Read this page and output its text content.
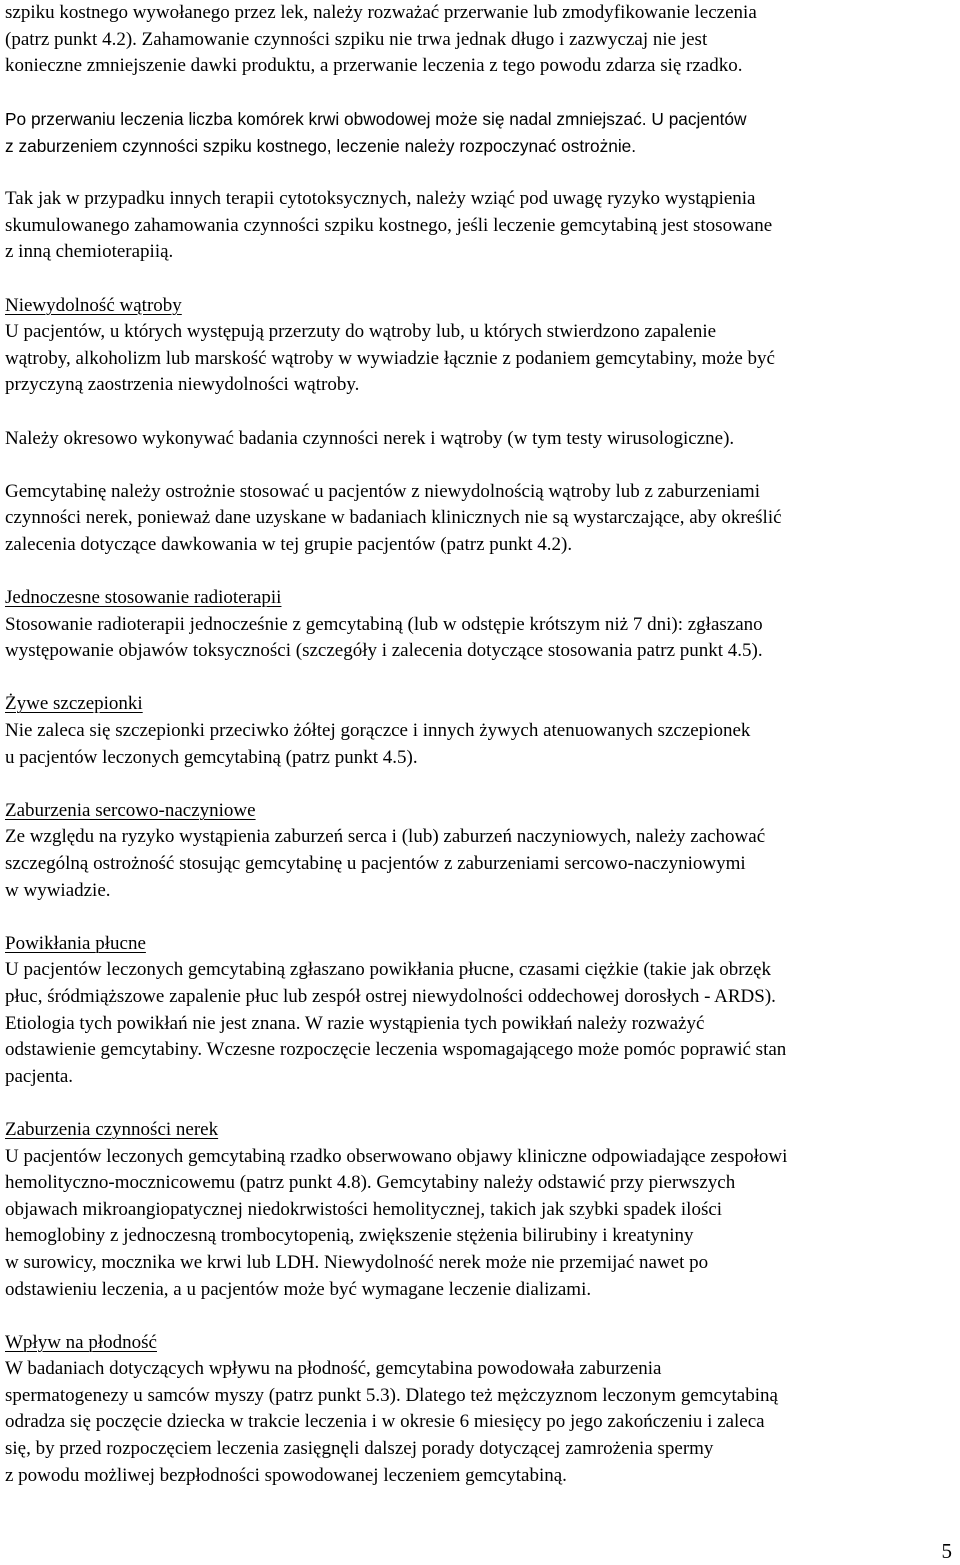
szpiku kostnego wywołanego przez lek, należy rozważać przerwanie lub zmodyfikowanie leczenia
(patrz punkt 4.2). Zahamowanie czynności szpiku nie trwa jednak długo i zazwyczaj nie jest
konieczne zmniejszenie dawki produktu, a przerwanie leczenia z tego powodu zdarza się rzadko.
Po przerwaniu leczenia liczba komórek krwi obwodowej może się nadal zmniejszać. U pacjentów
z zaburzeniem czynności szpiku kostnego, leczenie należy rozpoczynać ostrożnie.
Tak jak w przypadku innych terapii cytotoksycznych, należy wziąć pod uwagę ryzyko wystąpienia
skumulowanego zahamowania czynności szpiku kostnego, jeśli leczenie gemcytabiną jest stosowane
z inną chemioterapiią.
Niewydolność wątroby
U pacjentów, u których występują przerzuty do wątroby lub, u których stwierdzono zapalenie
wątroby, alkoholizm lub marskość wątroby w wywiadzie łącznie z podaniem gemcytabiny, może być
przyczyną zaostrzenia niewydolności wątroby.
Należy okresowo wykonywać badania czynności nerek i wątroby (w tym testy wirusologiczne).
Gemcytabinę należy ostrożnie stosować u pacjentów z niewydolnością wątroby lub z zaburzeniami
czynności nerek, ponieważ dane uzyskane w badaniach klinicznych nie są wystarczające, aby określić
zalecenia dotyczące dawkowania w tej grupie pacjentów (patrz punkt 4.2).
Jednoczesne stosowanie radioterapii
Stosowanie radioterapii jednocześnie z gemcytabiną (lub w odstępie krótszym niż 7 dni): zgłaszano
występowanie objawów toksyczności (szczegóły i zalecenia dotyczące stosowania patrz punkt 4.5).
Żywe szczepionki
Nie zaleca się szczepionki przeciwko żółtej gorączce i innych żywych atenuowanych szczepionek
u pacjentów leczonych gemcytabiną (patrz punkt 4.5).
Zaburzenia sercowo-naczyniowe
Ze względu na ryzyko wystąpienia zaburzeń serca i (lub) zaburzeń naczyniowych, należy zachować
szczególną ostrożność stosując gemcytabinę u pacjentów z zaburzeniami sercowo-naczyniowymi
w wywiadzie.
Powikłania płucne
U pacjentów leczonych gemcytabiną zgłaszano powikłania płucne, czasami ciężkie (takie jak obrzęk
płuc, śródmiąższowe zapalenie płuc lub zespół ostrej niewydolności oddechowej dorosłych - ARDS).
Etiologia tych powikłań nie jest znana. W razie wystąpienia tych powikłań należy rozważyć
odstawienie gemcytabiny. Wczesne rozpoczęcie leczenia wspomagającego może pomóc poprawić stan
pacjenta.
Zaburzenia czynności nerek
U pacjentów leczonych gemcytabiną rzadko obserwowano objawy kliniczne odpowiadające zespołowi
hemolityczno-mocznicowemu (patrz punkt 4.8). Gemcytabiny należy odstawić przy pierwszych
objawach mikroangiopatycznej niedokrwistości hemolitycznej, takich jak szybki spadek ilości
hemoglobiny z jednoczesną trombocytopenią, zwiększenie stężenia bilirubiny i kreatyniny
w surowicy, mocznika we krwi lub LDH. Niewydolność nerek może nie przemijać nawet po
odstawieniu leczenia, a u pacjentów może być wymagane leczenie dializami.
Wpływ na płodność
W badaniach dotyczących wpływu na płodność, gemcytabina powodowała zaburzenia
spermatogenezy u samców myszy (patrz punkt 5.3). Dlatego też mężczyznom leczonym gemcytabiną
odradza się poczęcie dziecka w trakcie leczenia i w okresie 6 miesięcy po jego zakończeniu i zaleca
się, by przed rozpoczęciem leczenia zasięgnęli dalszej porady dotyczącej zamrożenia spermy
z powodu możliwej bezpłodności spowodowanej leczeniem gemcytabiną.
5
